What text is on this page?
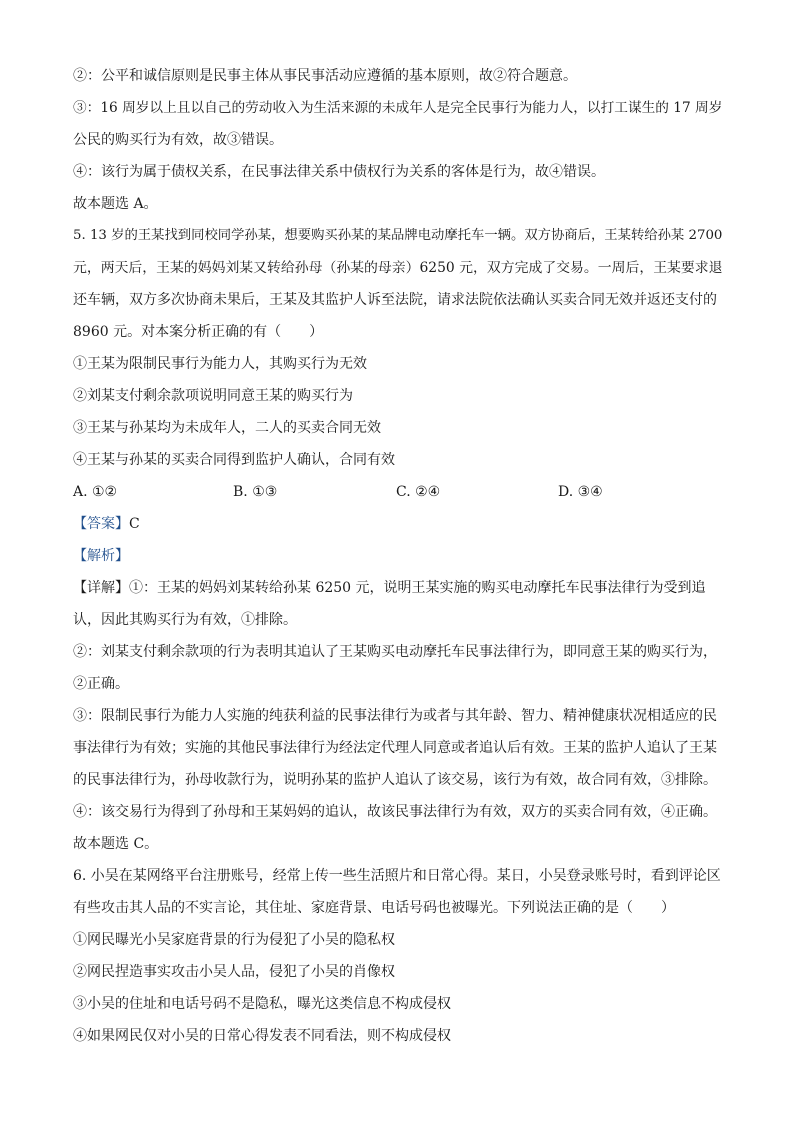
②：公平和诚信原则是民事主体从事民事活动应遵循的基本原则，故②符合题意。
③：16 周岁以上且以自己的劳动收入为生活来源的未成年人是完全民事行为能力人，以打工谋生的 17 周岁
公民的购买行为有效，故③错误。
④：该行为属于债权关系，在民事法律关系中债权行为关系的客体是行为，故④错误。
故本题选 A。
5. 13 岁的王某找到同校同学孙某，想要购买孙某的某品牌电动摩托车一辆。双方协商后，王某转给孙某 2700
元，两天后，王某的妈妈刘某又转给孙母（孙某的母亲）6250 元，双方完成了交易。一周后，王某要求退
还车辆，双方多次协商未果后，王某及其监护人诉至法院，请求法院依法确认买卖合同无效并返还支付的
8960 元。对本案分析正确的有（　　）
①王某为限制民事行为能力人，其购买行为无效
②刘某支付剩余款项说明同意王某的购买行为
③王某与孙某均为未成年人，二人的买卖合同无效
④王某与孙某的买卖合同得到监护人确认，合同有效
A. ①②	B. ①③	C. ②④	D. ③④
【答案】C
【解析】
【详解】①：王某的妈妈刘某转给孙某 6250 元，说明王某实施的购买电动摩托车民事法律行为受到追
认，因此其购买行为有效，①排除。
②：刘某支付剩余款项的行为表明其追认了王某购买电动摩托车民事法律行为，即同意王某的购买行为，
②正确。
③：限制民事行为能力人实施的纯获利益的民事法律行为或者与其年龄、智力、精神健康状况相适应的民
事法律行为有效；实施的其他民事法律行为经法定代理人同意或者追认后有效。王某的监护人追认了王某
的民事法律行为，孙母收款行为，说明孙某的监护人追认了该交易，该行为有效，故合同有效，③排除。
④：该交易行为得到了孙母和王某妈妈的追认，故该民事法律行为有效，双方的买卖合同有效，④正确。
故本题选 C。
6. 小吴在某网络平台注册账号，经常上传一些生活照片和日常心得。某日，小吴登录账号时，看到评论区
有些攻击其人品的不实言论，其住址、家庭背景、电话号码也被曝光。下列说法正确的是（　　）
①网民曝光小吴家庭背景的行为侵犯了小吴的隐私权
②网民捏造事实攻击小吴人品，侵犯了小吴的肖像权
③小吴的住址和电话号码不是隐私，曝光这类信息不构成侵权
④如果网民仅对小吴的日常心得发表不同看法，则不构成侵权
